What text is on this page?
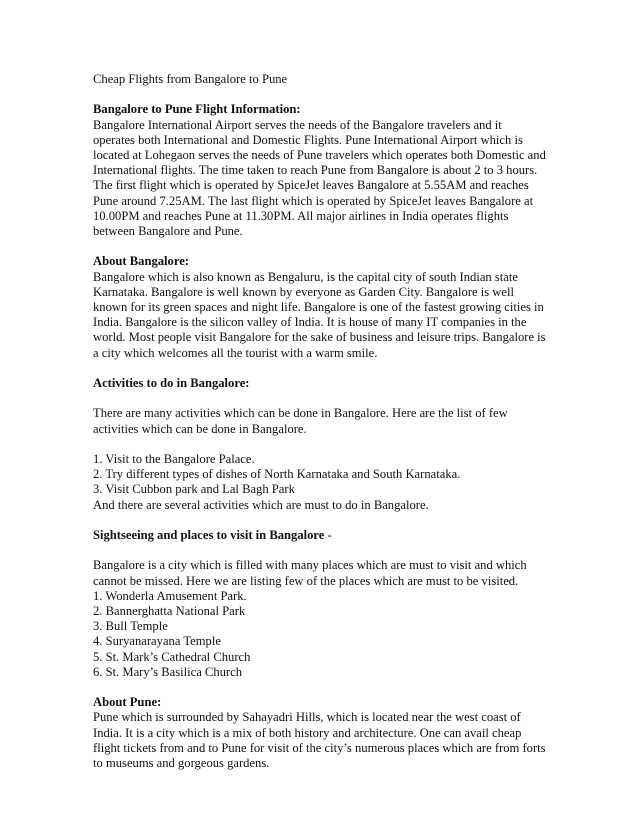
Cheap Flights from Bangalore to Pune
Bangalore to Pune Flight Information:
Bangalore International Airport serves the needs of the Bangalore travelers and it
operates both International and Domestic Flights. Pune International Airport which is
located at Lohegaon serves the needs of Pune travelers which operates both Domestic and
International flights. The time taken to reach Pune from Bangalore is about 2 to 3 hours.
The first flight which is operated by SpiceJet leaves Bangalore at 5.55AM and reaches
Pune around 7.25AM. The last flight which is operated by SpiceJet leaves Bangalore at
10.00PM and reaches Pune at 11.30PM. All major airlines in India operates flights
between Bangalore and Pune.
About Bangalore:
Bangalore which is also known as Bengaluru, is the capital city of south Indian state
Karnataka. Bangalore is well known by everyone as Garden City. Bangalore is well
known for its green spaces and night life. Bangalore is one of the fastest growing cities in
India. Bangalore is the silicon valley of India. It is house of many IT companies in the
world. Most people visit Bangalore for the sake of business and leisure trips. Bangalore is
a city which welcomes all the tourist with a warm smile.
Activities to do in Bangalore:
There are many activities which can be done in Bangalore. Here are the list of few
activities which can be done in Bangalore.
1. Visit to the Bangalore Palace.
2. Try different types of dishes of North Karnataka and South Karnataka.
3. Visit Cubbon park and Lal Bagh Park
And there are several activities which are must to do in Bangalore.
Sightseeing and places to visit in Bangalore -
Bangalore is a city which is filled with many places which are must to visit and which
cannot be missed. Here we are listing few of the places which are must to be visited.
1. Wonderla Amusement Park.
2. Bannerghatta National Park
3. Bull Temple
4. Suryanarayana Temple
5. St. Mark’s Cathedral Church
6. St. Mary’s Basilica Church
About Pune:
Pune which is surrounded by Sahayadri Hills, which is located near the west coast of
India. It is a city which is a mix of both history and architecture. One can avail cheap
flight tickets from and to Pune for visit of the city’s numerous places which are from forts
to museums and gorgeous gardens.
